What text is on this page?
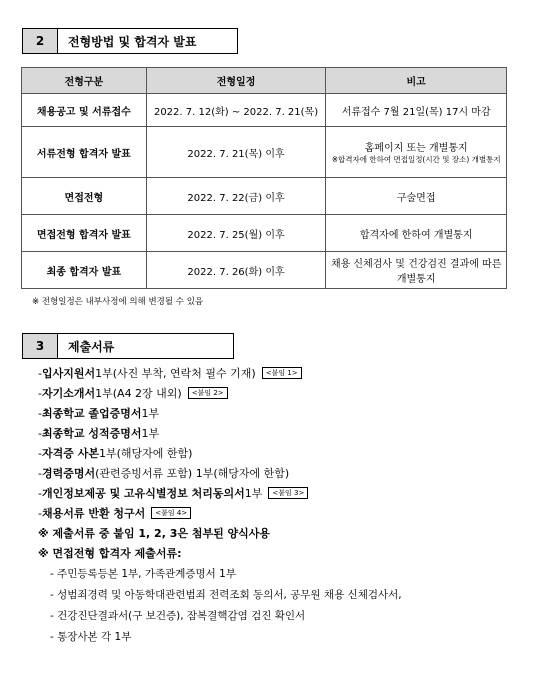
2	전형방법 및 합격자 발표
전형구분	전형일정	비고
채용공고 및 서류접수	2022. 7. 12(화) ~ 2022. 7. 21(목)	서류접수 7월 21일(목) 17시 마감
서류전형 합격자 발표	2022. 7. 21(목) 이후	홈페이지 또는 개별통지
※합격자에 한하여 면접일정(시간 및 장소) 개별통지

면접전형	2022. 7. 22(금) 이후	구술면접
면접전형 합격자 발표	2022. 7. 25(월) 이후	합격자에 한하여 개별통지
최종 합격자 발표	2022. 7. 26(화) 이후	채용 신체검사 및 건강검진 결과에 따른 개별통지
※ 전형일정은 내부사정에 의해 변경될 수 있음
3	제출서류
- 입사지원서 1부(사진 부착, 연락처 필수 기재)	<붙임 1>
- 자기소개서 1부(A4 2장 내외)	<붙임 2>
- 최종학교 졸업증명서 1부
- 최종학교 성적증명서 1부
- 자격증 사본 1부(해당자에 한함)
- 경력증명서 (관련증빙서류 포함) 1부(해당자에 한함)
- 개인정보제공 및 고유식별정보 처리동의서 1부	<붙임 3>
- 채용서류 반환 청구서	<붙임 4>
※ 제출서류 중 붙임 1, 2, 3은 첨부된 양식사용
※ 면접전형 합격자 제출서류:
- 주민등록등본 1부, 가족관계증명서 1부
- 성범죄경력 및 아동학대관련범죄 전력조회 동의서, 공무원 채용 신체검사서,
- 건강진단결과서(구 보건증), 잠복결핵감염 검진 확인서
- 통장사본 각 1부
